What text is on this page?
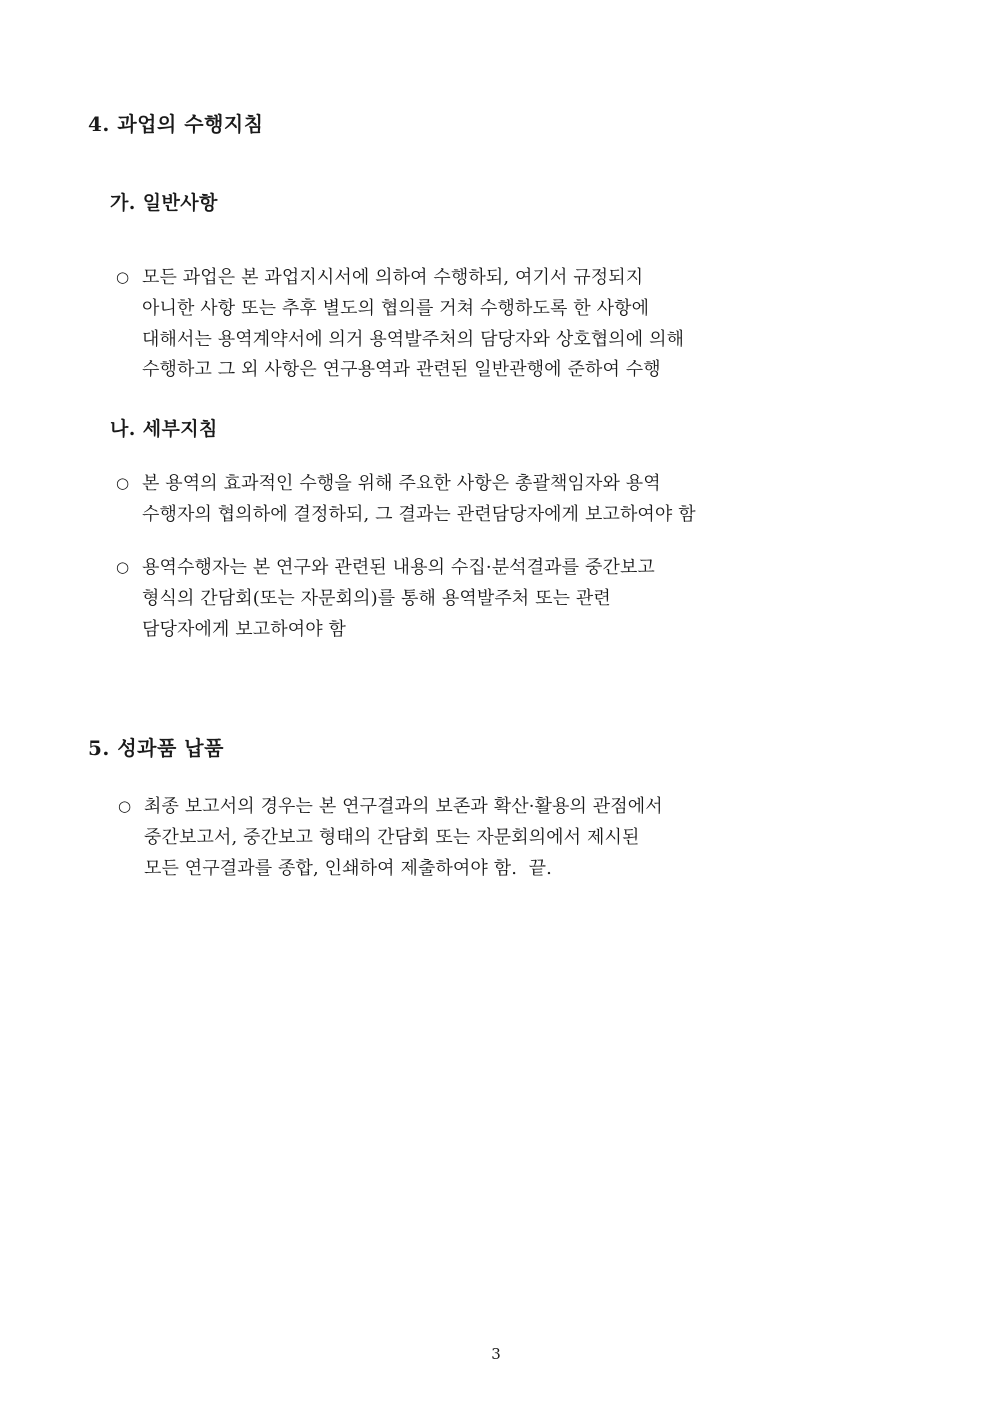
4. 과업의 수행지침
가. 일반사항
○ 모든 과업은 본 과업지시서에 의하여 수행하되, 여기서 규정되지
아니한 사항 또는 추후 별도의 협의를 거쳐 수행하도록 한 사항에
대해서는 용역계약서에 의거 용역발주처의 담당자와 상호협의에 의해
수행하고 그 외 사항은 연구용역과 관련된 일반관행에 준하여 수행
나. 세부지침
○ 본 용역의 효과적인 수행을 위해 주요한 사항은 총괄책임자와 용역
수행자의 협의하에 결정하되, 그 결과는 관련담당자에게 보고하여야 함
○ 용역수행자는 본 연구와 관련된 내용의 수집·분석결과를 중간보고
형식의 간담회(또는 자문회의)를 통해 용역발주처 또는 관련
담당자에게 보고하여야 함
5. 성과품 납품
○ 최종 보고서의 경우는 본 연구결과의 보존과 확산·활용의 관점에서
중간보고서, 중간보고 형태의 간담회 또는 자문회의에서 제시된
모든 연구결과를 종합, 인쇄하여 제출하여야 함.  끝.
3
